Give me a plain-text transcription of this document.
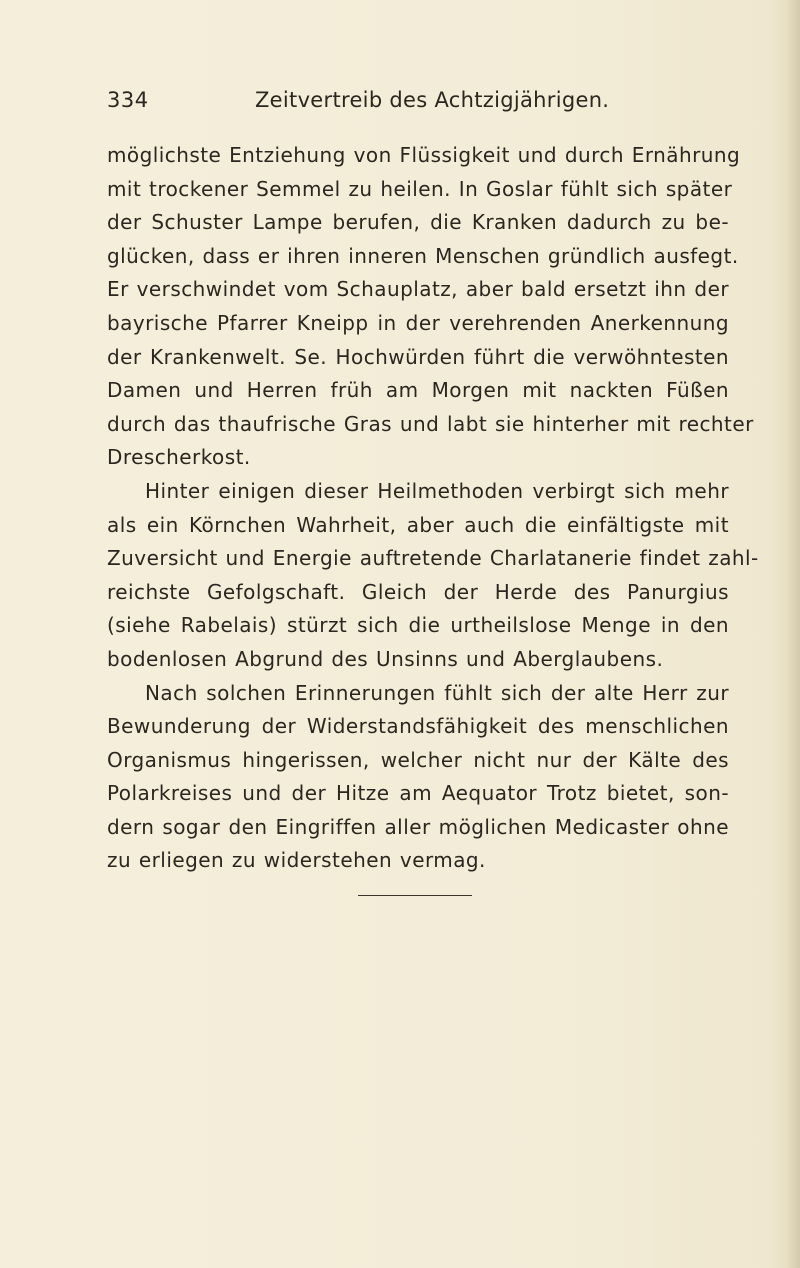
334	Zeitvertreib des Achtzigjährigen.
möglichste Entziehung von Flüssigkeit und durch Ernährung
mit trockener Semmel zu heilen. In Goslar fühlt sich später
der Schuster Lampe berufen, die Kranken dadurch zu be-
glücken, dass er ihren inneren Menschen gründlich ausfegt.
Er verschwindet vom Schauplatz, aber bald ersetzt ihn der
bayrische Pfarrer Kneipp in der verehrenden Anerkennung
der Krankenwelt. Se. Hochwürden führt die verwöhntesten
Damen und Herren früh am Morgen mit nackten Füßen
durch das thaufrische Gras und labt sie hinterher mit rechter
Drescherkost.
Hinter einigen dieser Heilmethoden verbirgt sich mehr
als ein Körnchen Wahrheit, aber auch die einfältigste mit
Zuversicht und Energie auftretende Charlatanerie findet zahl-
reichste Gefolgschaft. Gleich der Herde des Panurgius
(siehe Rabelais) stürzt sich die urtheilslose Menge in den
bodenlosen Abgrund des Unsinns und Aberglaubens.
Nach solchen Erinnerungen fühlt sich der alte Herr zur
Bewunderung der Widerstandsfähigkeit des menschlichen
Organismus hingerissen, welcher nicht nur der Kälte des
Polarkreises und der Hitze am Aequator Trotz bietet, son-
dern sogar den Eingriffen aller möglichen Medicaster ohne
zu erliegen zu widerstehen vermag.
